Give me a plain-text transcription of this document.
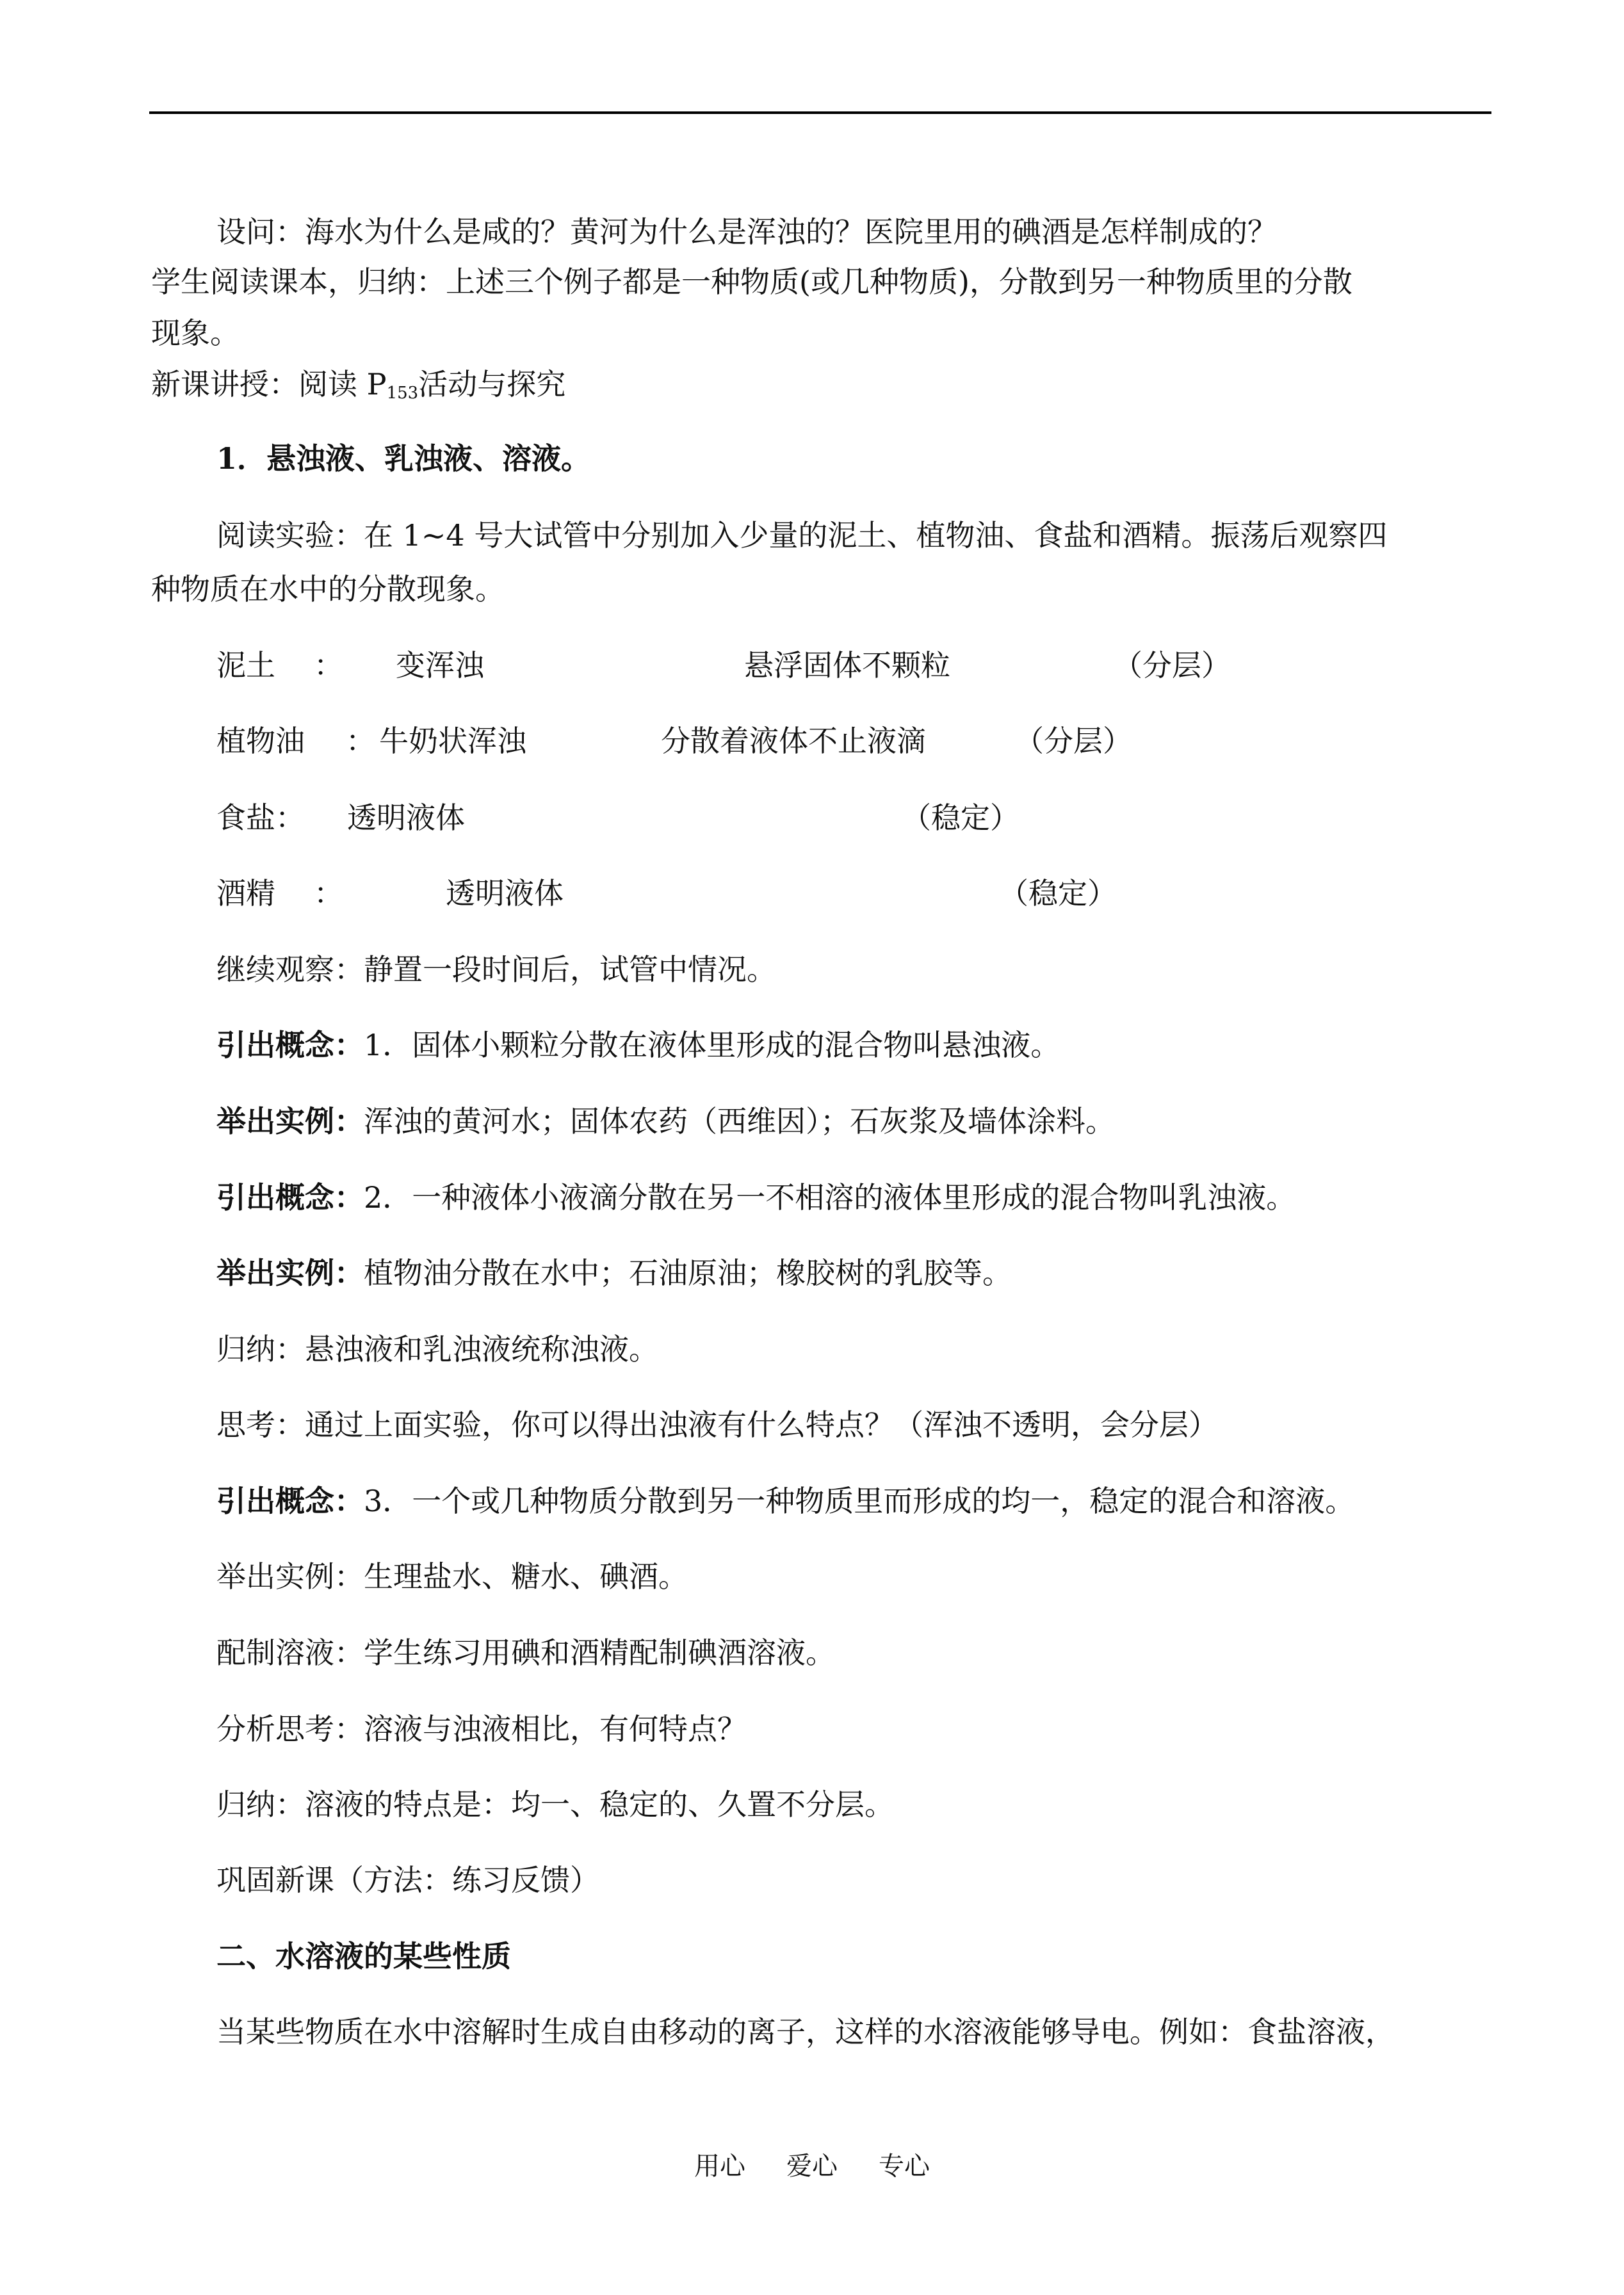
设问：海水为什么是咸的？黄河为什么是浑浊的？医院里用的碘酒是怎样制成的？
学生阅读课本，归纳：上述三个例子都是一种物质(或几种物质)，分散到另一种物质里的分散
现象。
新课讲授：阅读 $P_{153}$活动与探究
1．悬浊液、乳浊液、溶液。
阅读实验：在 1~4 号大试管中分别加入少量的泥土、植物油、食盐和酒精。振荡后观察四
种物质在水中的分散现象。
泥土 ： 变浑浊	悬浮固体不颗粒	（分层）
植物油 ： 牛奶状浑浊	分散着液体不止液滴	（分层）
食盐： 透明液体	（稳定）
酒精 ：	透明液体	（稳定）
继续观察：静置一段时间后，试管中情况。
引出概念：1．固体小颗粒分散在液体里形成的混合物叫悬浊液。
举出实例：浑浊的黄河水；固体农药（西维因）；石灰浆及墙体涂料。
引出概念：2．一种液体小液滴分散在另一不相溶的液体里形成的混合物叫乳浊液。
举出实例：植物油分散在水中；石油原油；橡胶树的乳胶等。
归纳：悬浊液和乳浊液统称浊液。
思考：通过上面实验，你可以得出浊液有什么特点？（浑浊不透明，会分层）
引出概念：3．一个或几种物质分散到另一种物质里而形成的均一，稳定的混合和溶液。
举出实例：生理盐水、糖水、碘酒。
配制溶液：学生练习用碘和酒精配制碘酒溶液。
分析思考：溶液与浊液相比，有何特点？
归纳：溶液的特点是：均一、稳定的、久置不分层。
巩固新课（方法：练习反馈）
二、水溶液的某些性质
当某些物质在水中溶解时生成自由移动的离子，这样的水溶液能够导电。例如：食盐溶液，
用心 爱心 专心
